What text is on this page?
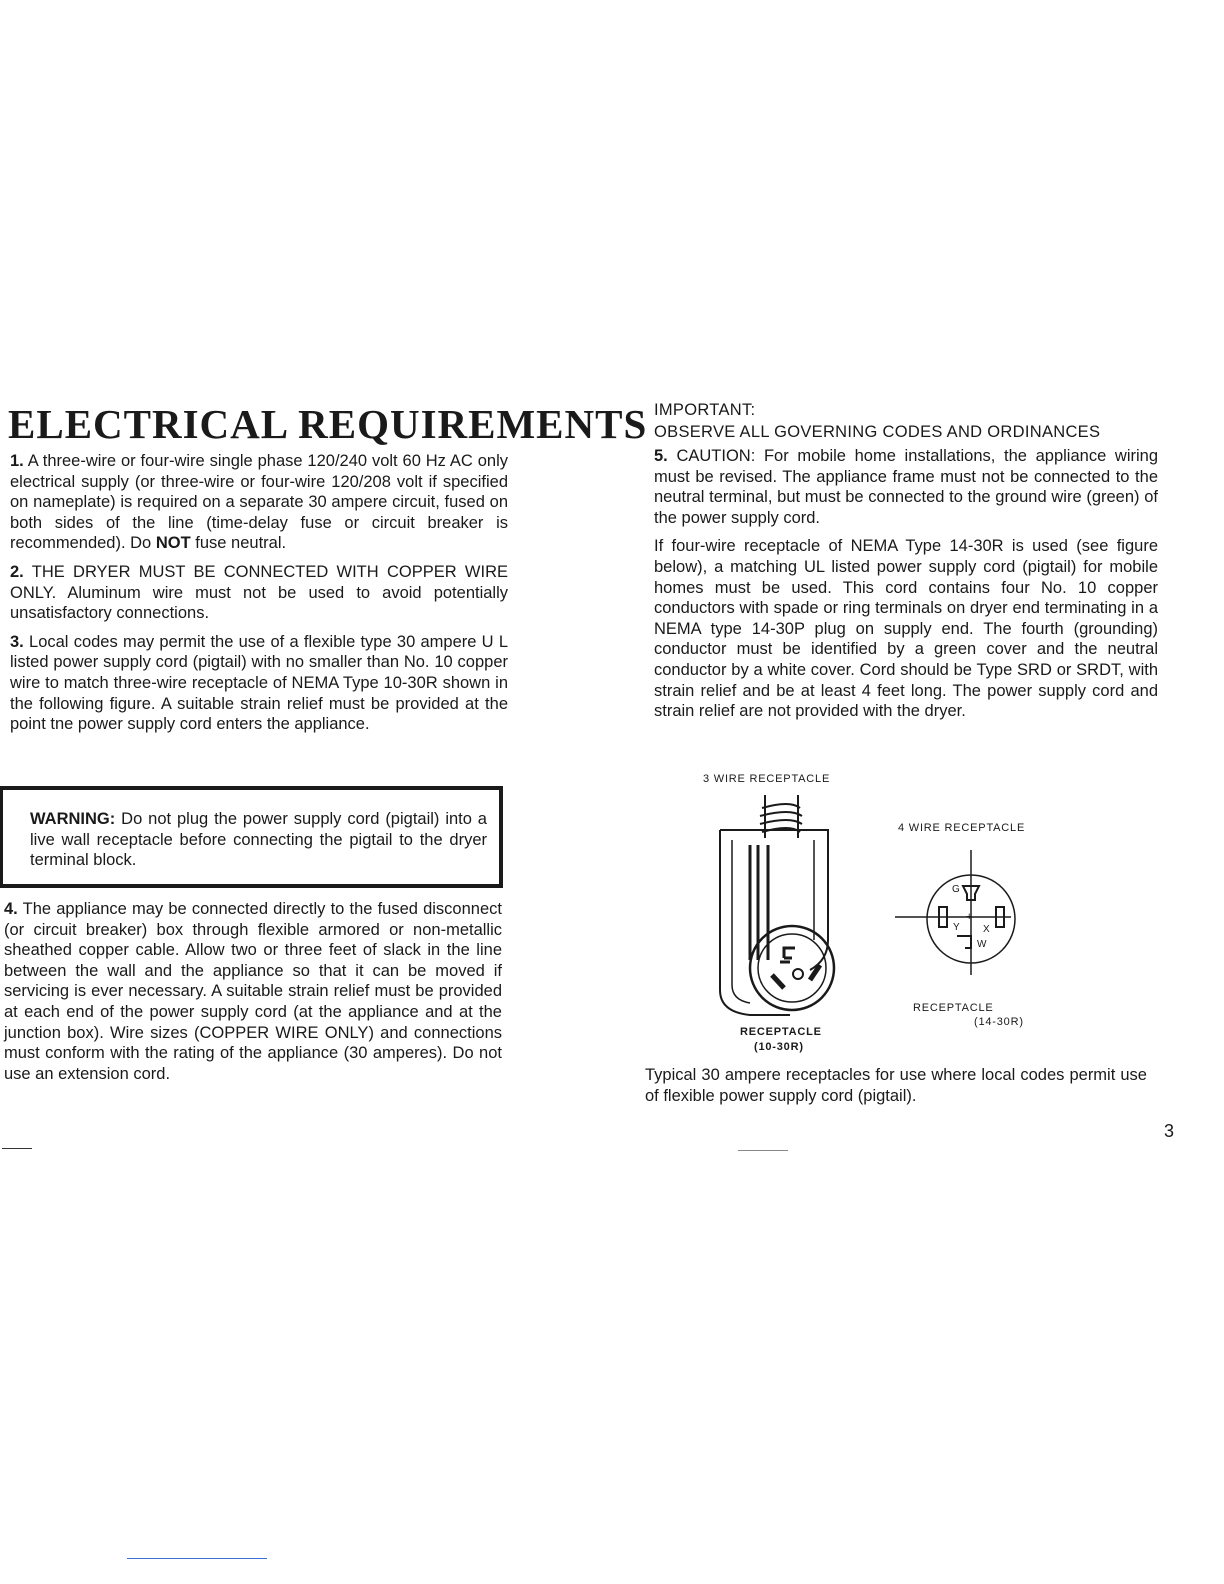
ELECTRICAL REQUIREMENTS

1. A three-wire or four-wire single phase 120/240 volt 60 Hz AC only electrical supply (or three-wire or four-wire 120/208 volt if specified on nameplate) is required on a separate 30 ampere circuit, fused on both sides of the line (time-delay fuse or circuit breaker is recommended). Do NOT fuse neutral.

2. THE DRYER MUST BE CONNECTED WITH COPPER WIRE ONLY. Aluminum wire must not be used to avoid potentially unsatisfactory connections.

3. Local codes may permit the use of a flexible type 30 ampere U L listed power supply cord (pigtail) with no smaller than No. 10 copper wire to match three-wire receptacle of NEMA Type 10-30R shown in the following figure. A suitable strain relief must be provided at the point tne power supply cord enters the appliance.

WARNING: Do not plug the power supply cord (pigtail) into a live wall receptacle before connecting the pigtail to the dryer terminal block.

4. The appliance may be connected directly to the fused disconnect (or circuit breaker) box through flexible armored or non-metallic sheathed copper cable. Allow two or three feet of slack in the line between the wall and the appliance so that it can be moved if servicing is ever necessary. A suitable strain relief must be provided at each end of the power supply cord (at the appliance and at the junction box). Wire sizes (COPPER WIRE ONLY) and connections must conform with the rating of the appliance (30 amperes). Do not use an extension cord.

IMPORTANT:
OBSERVE ALL GOVERNING CODES AND ORDINANCES

5. CAUTION: For mobile home installations, the appliance wiring must be revised. The appliance frame must not be connected to the neutral terminal, but must be connected to the ground wire (green) of the power supply cord.

If four-wire receptacle of NEMA Type 14-30R is used (see figure below), a matching UL listed power supply cord (pigtail) for mobile homes must be used. This cord contains four No. 10 copper conductors with spade or ring terminals on dryer end terminating in a NEMA type 14-30P plug on supply end. The fourth (grounding) conductor must be identified by a green cover and the neutral conductor by a white cover. Cord should be Type SRD or SRDT, with strain relief and be at least 4 feet long. The power supply cord and strain relief are not provided with the dryer.

3 WIRE RECEPTACLE
RECEPTACLE
(10-30R)
4 WIRE RECEPTACLE
G
Y X
W
+
RECEPTACLE
(14-30R)

Typical 30 ampere receptacles for use where local codes permit use of flexible power supply cord (pigtail).

3
